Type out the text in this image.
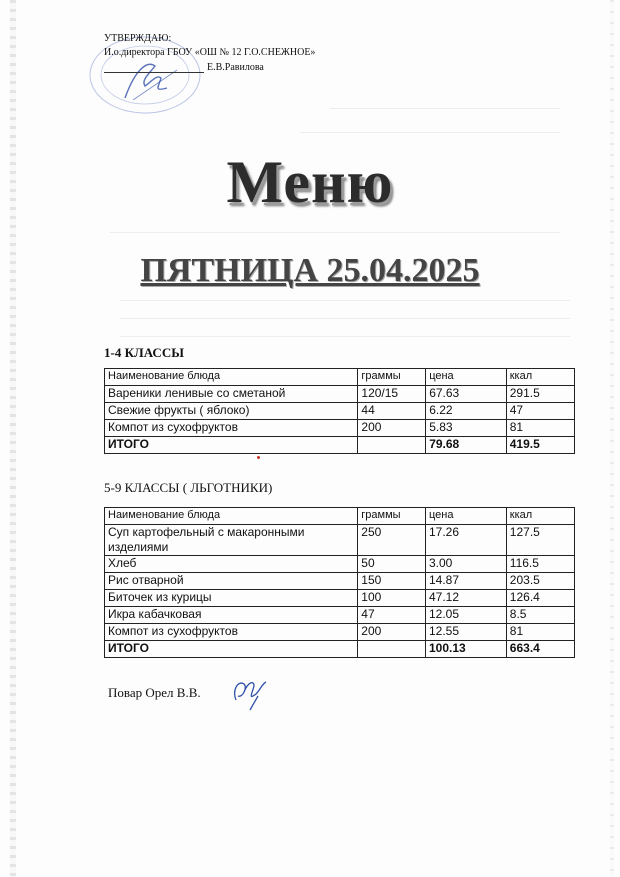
УТВЕРЖДАЮ:
И.о.директора ГБОУ «ОШ № 12 Г.О.СНЕЖНОЕ»
Е.В.Равилова
Меню
ПЯТНИЦА 25.04.2025
1-4 КЛАССЫ
Наименование блюда	граммы	цена	ккал
Вареники ленивые со сметаной	120/15	67.63	291.5
Свежие фрукты ( яблоко)	44	6.22	47
Компот из сухофруктов	200	5.83	81
ИТОГО		79.68	419.5
5-9 КЛАССЫ ( ЛЬГОТНИКИ)
Наименование блюда	граммы	цена	ккал
Суп картофельный с макаронными изделиями	250	17.26	127.5
Хлеб	50	3.00	116.5
Рис отварной	150	14.87	203.5
Биточек из курицы	100	47.12	126.4
Икра кабачковая	47	12.05	8.5
Компот из сухофруктов	200	12.55	81
ИТОГО		100.13	663.4
Повар Орел В.В.
